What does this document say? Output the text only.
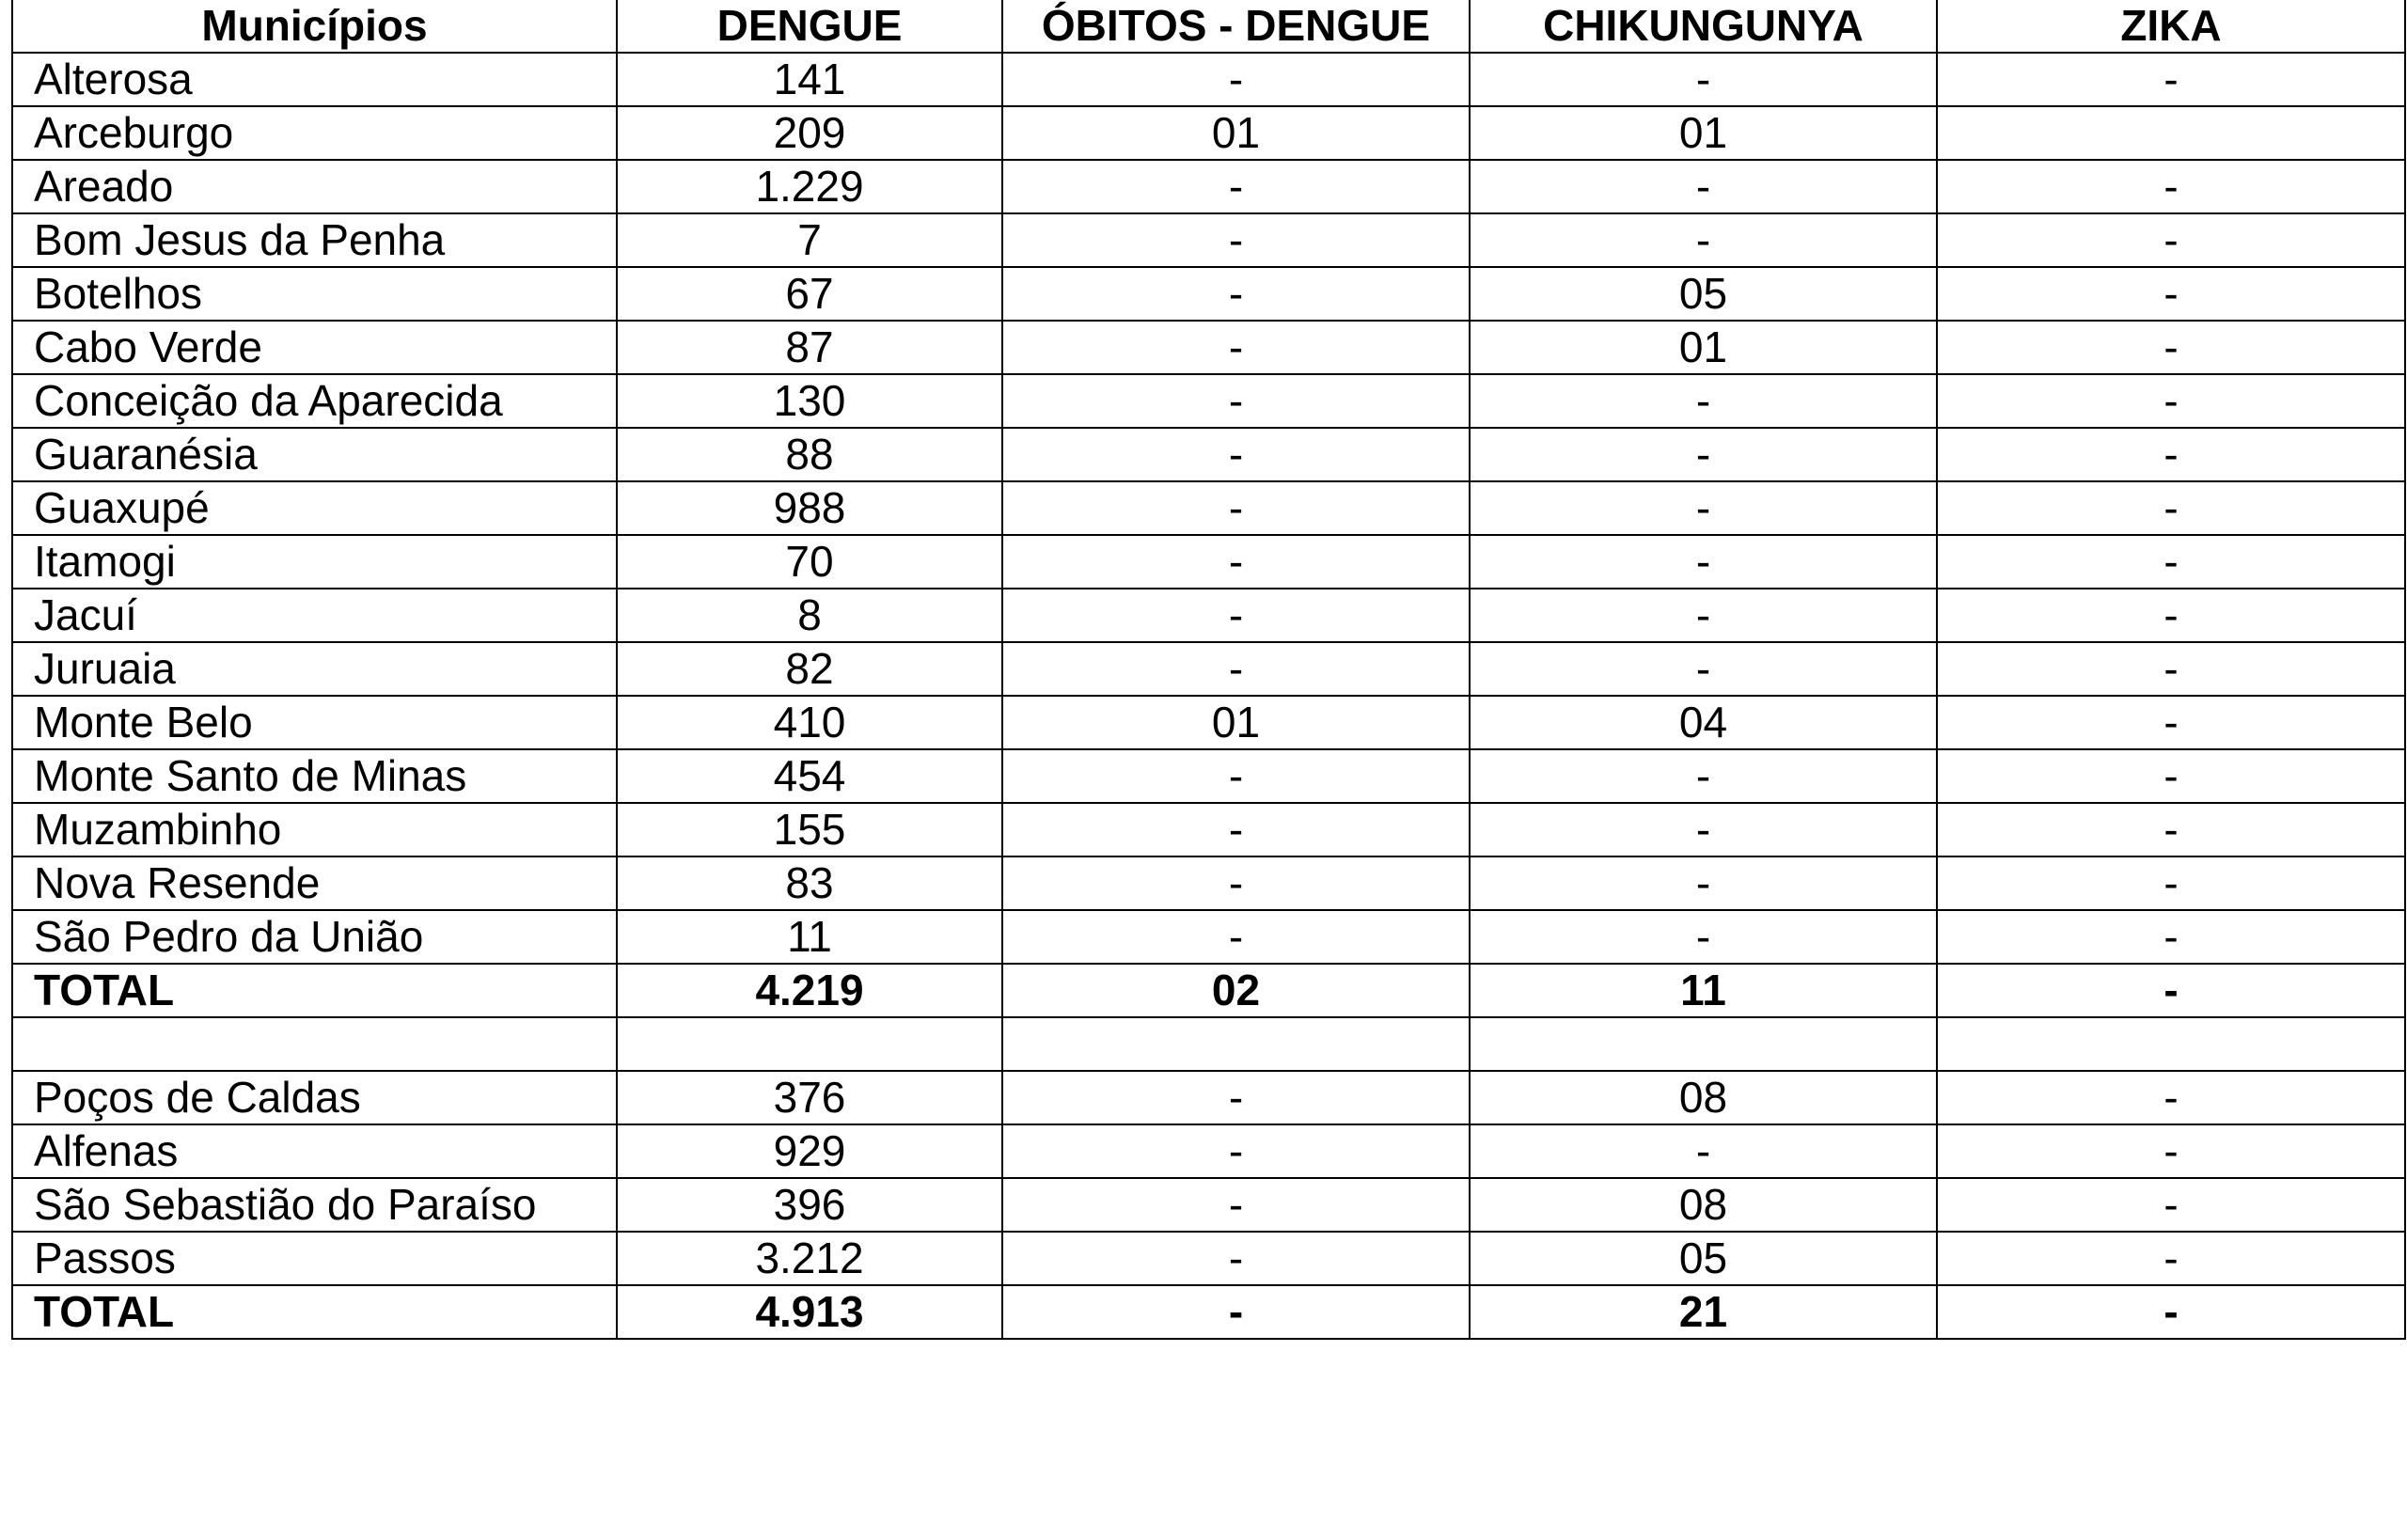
Municípios	DENGUE	ÓBITOS - DENGUE	CHIKUNGUNYA	ZIKA
Alterosa	141	-	-	-
Arceburgo	209	01	01	
Areado	1.229	-	-	-
Bom Jesus da Penha	7	-	-	-
Botelhos	67	-	05	-
Cabo Verde	87	-	01	-
Conceição da Aparecida	130	-	-	-
Guaranésia	88	-	-	-
Guaxupé	988	-	-	-
Itamogi	70	-	-	-
Jacuí	8	-	-	-
Juruaia	82	-	-	-
Monte Belo	410	01	04	-
Monte Santo de Minas	454	-	-	-
Muzambinho	155	-	-	-
Nova Resende	83	-	-	-
São Pedro da União	11	-	-	-
TOTAL	4.219	02	11	-

Poços de Caldas	376	-	08	-
Alfenas	929	-	-	-
São Sebastião do Paraíso	396	-	08	-
Passos	3.212	-	05	-
TOTAL	4.913	-	21	-
